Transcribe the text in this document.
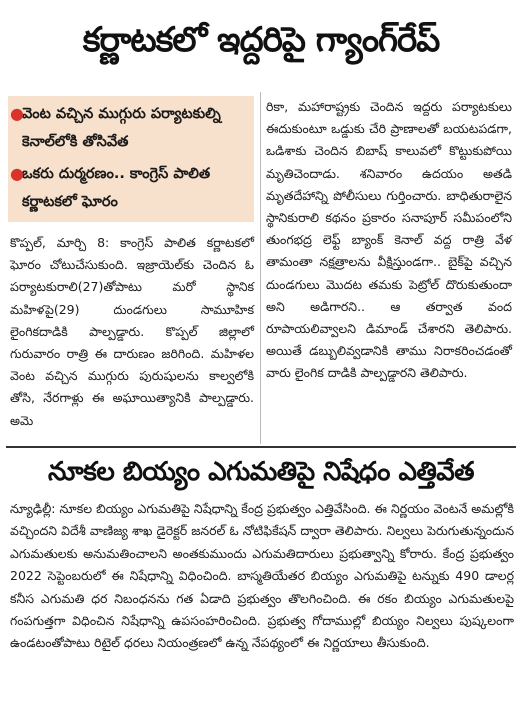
కర్ణాటకలో ఇద్దరిపై గ్యాంగ్‌రేప్
●
వెంట వచ్చిన ముగ్గురు పర్యాటకుల్ని కెనాల్‌లోకి తోసివేత
●
ఒకరు దుర్మరణం.. కాంగ్రెస్ పాలిత కర్ణాటకలో ఘోరం
కొప్పల్, మార్చి 8: కాంగ్రెస్ పాలిత కర్ణాటకలో ఘోరం చోటుచేసుకుంది. ఇజ్రాయెల్‌కు చెందిన ఓ పర్యాటకురాలి(27)తోపాటు మరో స్థానిక మహిళపై(29) దుండగులు సామూహిక లైంగికదాడికి పాల్పడ్డారు. కొప్పల్ జిల్లాలో గురువారం రాత్రి ఈ దారుణం జరిగింది. మహిళల వెంట వచ్చిన ముగ్గురు పురుషులను కాల్వలోకి తోసి, నేరగాళ్లు ఈ అఘాయిత్యానికి పాల్పడ్డారు. అమె
రికా, మహారాష్ట్రకు చెందిన ఇద్దరు పర్యాటకులు ఈదుకుంటూ ఒడ్డుకు చేరి ప్రాణాలతో బయటపడగా, ఒడిశాకు చెందిన బిబాష్ కాలువలో కొట్టుకుపోయి మృతిచెందాడు. శనివారం ఉదయం అతడి మృతదేహాన్ని పోలీసులు గుర్తించారు. బాధితురాలైన స్థానికురాలి కథనం ప్రకారం సనాపూర్ సమీపంలోని తుంగభద్ర లెఫ్ట్ బ్యాంక్ కెనాల్ వద్ద రాత్రి వేళ తామంతా నక్షత్రాలను వీక్షిస్తుండగా.. బైక్‌పై వచ్చిన దుండగులు మొదట తమకు పెట్రోల్ దొరుకుతుందా అని అడిగారని.. ఆ తర్వాత వంద రూపాయలివ్వాలని డిమాండ్ చేశారని తెలిపారు. అయితే డబ్బులివ్వడానికి తాము నిరాకరించడంతో వారు లైంగిక దాడికి పాల్పడ్డారని తెలిపారు.
నూకల బియ్యం ఎగుమతిపై నిషేధం ఎత్తివేత
న్యూఢిల్లీ: నూకల బియ్యం ఎగుమతిపై నిషేధాన్ని కేంద్ర ప్రభుత్వం ఎత్తివేసింది. ఈ నిర్ణయం వెంటనే అమల్లోకి వచ్చిందని విదేశీ వాణిజ్య శాఖ డైరెక్టర్ జనరల్ ఓ నోటిఫికేషన్ ద్వారా తెలిపారు. నిల్వలు పెరుగుతున్నందున ఎగుమతులకు అనుమతించాలని అంతకుముందు ఎగుమతిదారులు ప్రభుత్వాన్ని కోరారు. కేంద్ర ప్రభుత్వం 2022 సెప్టెంబరులో ఈ నిషేధాన్ని విధించింది. బాస్మతియేతర బియ్యం ఎగుమతిపై టన్నుకు 490 డాలర్ల కనీస ఎగుమతి ధర నిబంధనను గత ఏడాది ప్రభుత్వం తొలగించింది. ఈ రకం బియ్యం ఎగుమతులపై గంపగుత్తగా విధించిన నిషేధాన్ని ఉపసంహరించింది. ప్రభుత్వ గోదాముల్లో బియ్యం నిల్వలు పుష్కలంగా ఉండటంతోపాటు రిటైల్ ధరలు నియంత్రణలో ఉన్న నేపథ్యంలో ఈ నిర్ణయాలు తీసుకుంది.
